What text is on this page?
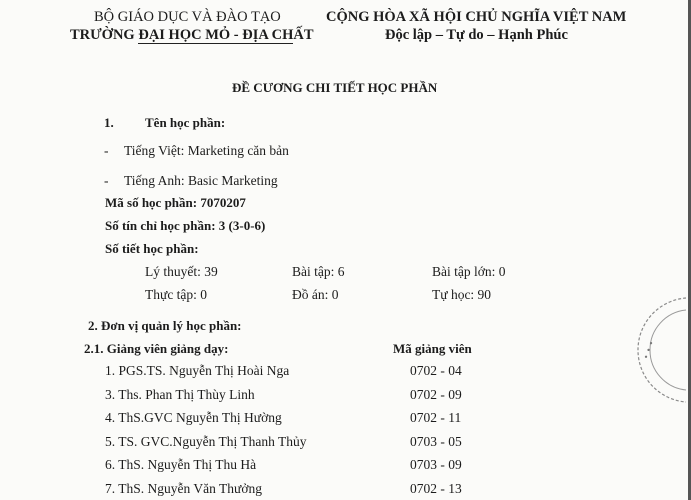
BỘ GIÁO DỤC VÀ ĐÀO TẠO
TRƯỜNG ĐẠI HỌC MỎ - ĐỊA CHẤT
CỘNG HÒA XÃ HỘI CHỦ NGHĨA VIỆT NAM
Độc lập – Tự do – Hạnh Phúc
ĐỀ CƯƠNG CHI TIẾT HỌC PHẦN
1. Tên học phần:
- Tiếng Việt: Marketing căn bản
- Tiếng Anh: Basic Marketing
Mã số học phần: 7070207
Số tín chỉ học phần: 3 (3-0-6)
Số tiết học phần:
Lý thuyết: 39	Bài tập: 6	Bài tập lớn: 0
Thực tập: 0	Đồ án: 0	Tự học: 90
2. Đơn vị quản lý học phần:
2.1. Giảng viên giảng dạy:	Mã giảng viên
1. PGS.TS. Nguyễn Thị Hoài Nga	0702 - 04
3. Ths. Phan Thị Thùy Linh	0702 - 09
4. ThS.GVC Nguyễn Thị Hường	0702 - 11
5. TS. GVC.Nguyễn Thị Thanh Thủy	0703 - 05
6. ThS. Nguyễn Thị Thu Hà	0703 - 09
7. ThS. Nguyễn Văn Thưởng	0702 - 13
• • •
